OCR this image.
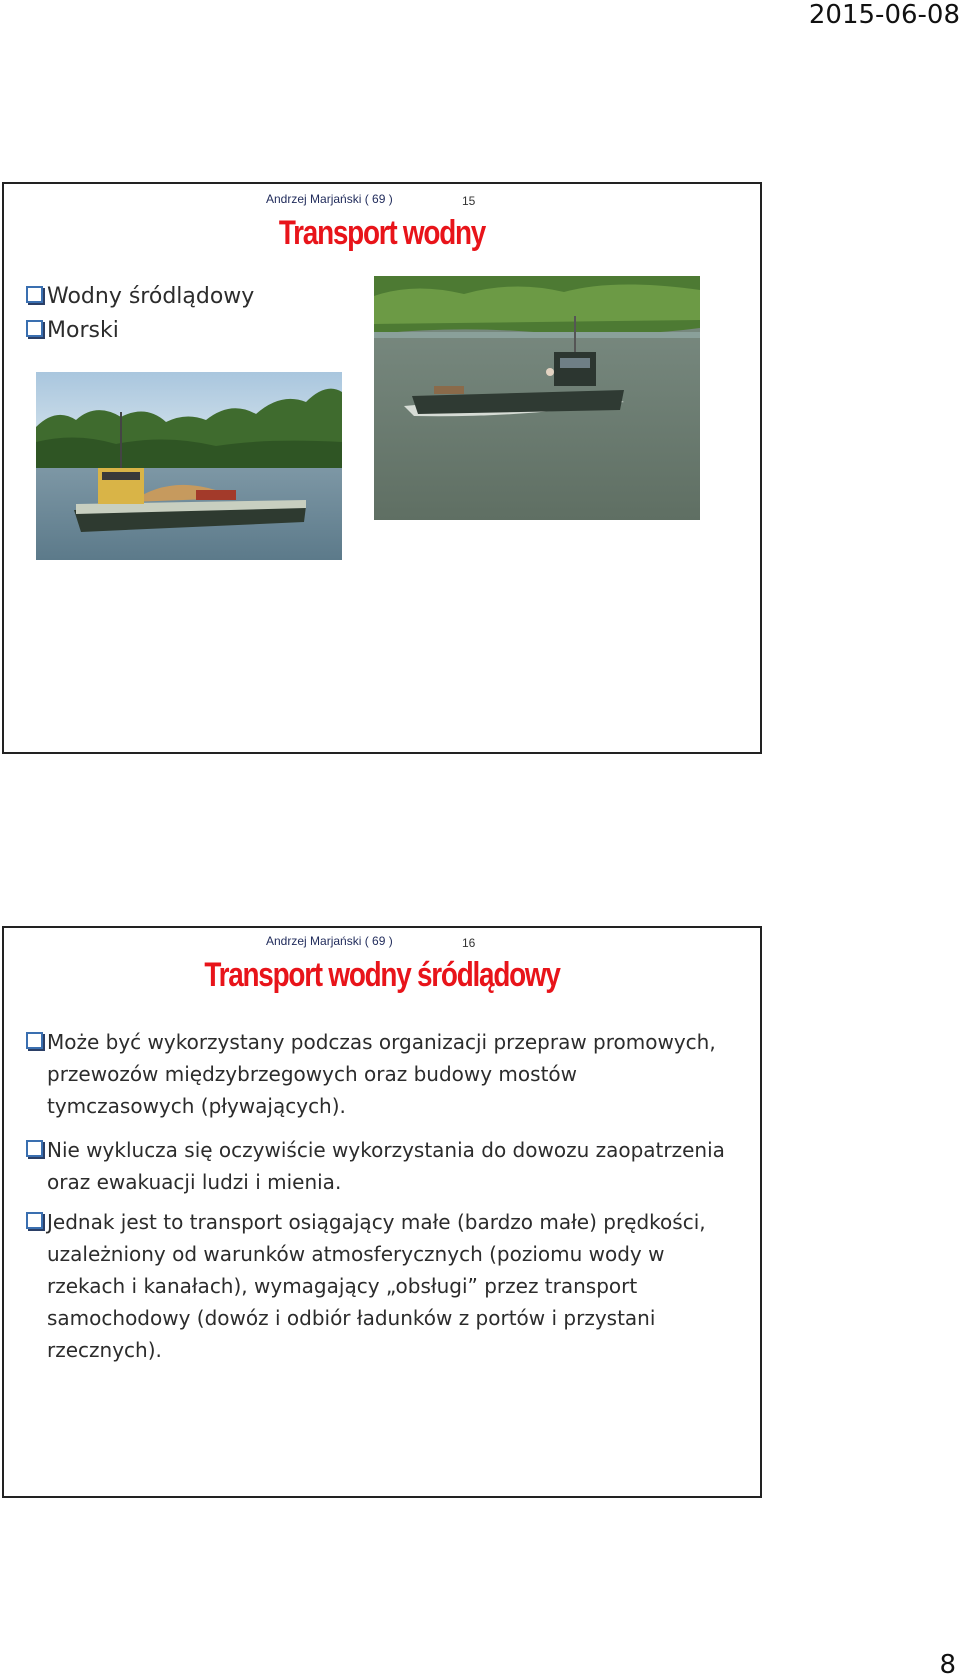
2015-06-08
Andrzej Marjański ( 69 )	15
Transport wodny
Wodny śródlądowy
Morski
Andrzej Marjański ( 69 )	16
Transport wodny śródlądowy
Może być wykorzystany podczas organizacji przepraw promowych, przewozów międzybrzegowych oraz budowy mostów tymczasowych (pływających).
Nie wyklucza się oczywiście wykorzystania do dowozu zaopatrzenia oraz ewakuacji ludzi i mienia.
Jednak jest to transport osiągający małe (bardzo małe) prędkości, uzależniony od warunków atmosferycznych (poziomu wody w rzekach i kanałach), wymagający „obsługi” przez transport samochodowy (dowóz i odbiór ładunków z portów i przystani rzecznych).
8
